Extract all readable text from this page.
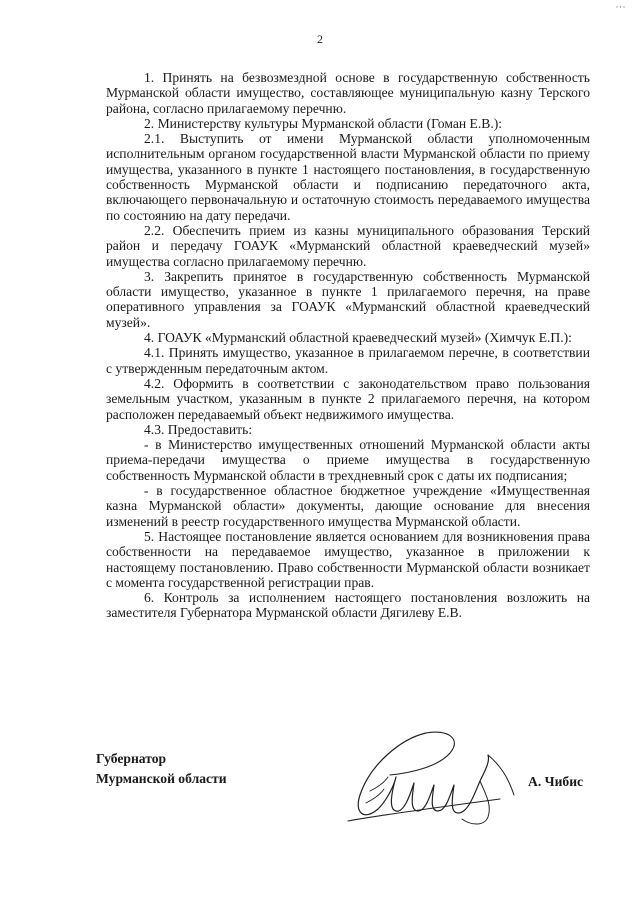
···
2

1. Принять на безвозмездной основе в государственную собственность Мурманской области имущество, составляющее муниципальную казну Терского района, согласно прилагаемому перечню.

2. Министерству культуры Мурманской области (Гоман Е.В.):

2.1. Выступить от имени Мурманской области уполномоченным исполнительным органом государственной власти Мурманской области по приему имущества, указанного в пункте 1 настоящего постановления, в государственную собственность Мурманской области и подписанию передаточного акта, включающего первоначальную и остаточную стоимость передаваемого имущества по состоянию на дату передачи.

2.2. Обеспечить прием из казны муниципального образования Терский район и передачу ГОАУК «Мурманский областной краеведческий музей» имущества согласно прилагаемому перечню.

3. Закрепить принятое в государственную собственность Мурманской области имущество, указанное в пункте 1 прилагаемого перечня, на праве оперативного управления за ГОАУК «Мурманский областной краеведческий музей».

4. ГОАУК «Мурманский областной краеведческий музей» (Химчук Е.П.):

4.1. Принять имущество, указанное в прилагаемом перечне, в соответствии с утвержденным передаточным актом.

4.2. Оформить в соответствии с законодательством право пользования земельным участком, указанным в пункте 2 прилагаемого перечня, на котором расположен передаваемый объект недвижимого имущества.

4.3. Предоставить:

- в Министерство имущественных отношений Мурманской области акты приема-передачи имущества о приеме имущества в государственную собственность Мурманской области в трехдневный срок с даты их подписания;

- в государственное областное бюджетное учреждение «Имущественная казна Мурманской области» документы, дающие основание для внесения изменений в реестр государственного имущества Мурманской области.

5. Настоящее постановление является основанием для возникновения права собственности на передаваемое имущество, указанное в приложении к настоящему постановлению. Право собственности Мурманской области возникает с момента государственной регистрации прав.

6. Контроль за исполнением настоящего постановления возложить на заместителя Губернатора Мурманской области Дягилеву Е.В.

Губернатор
Мурманской области	А. Чибис
